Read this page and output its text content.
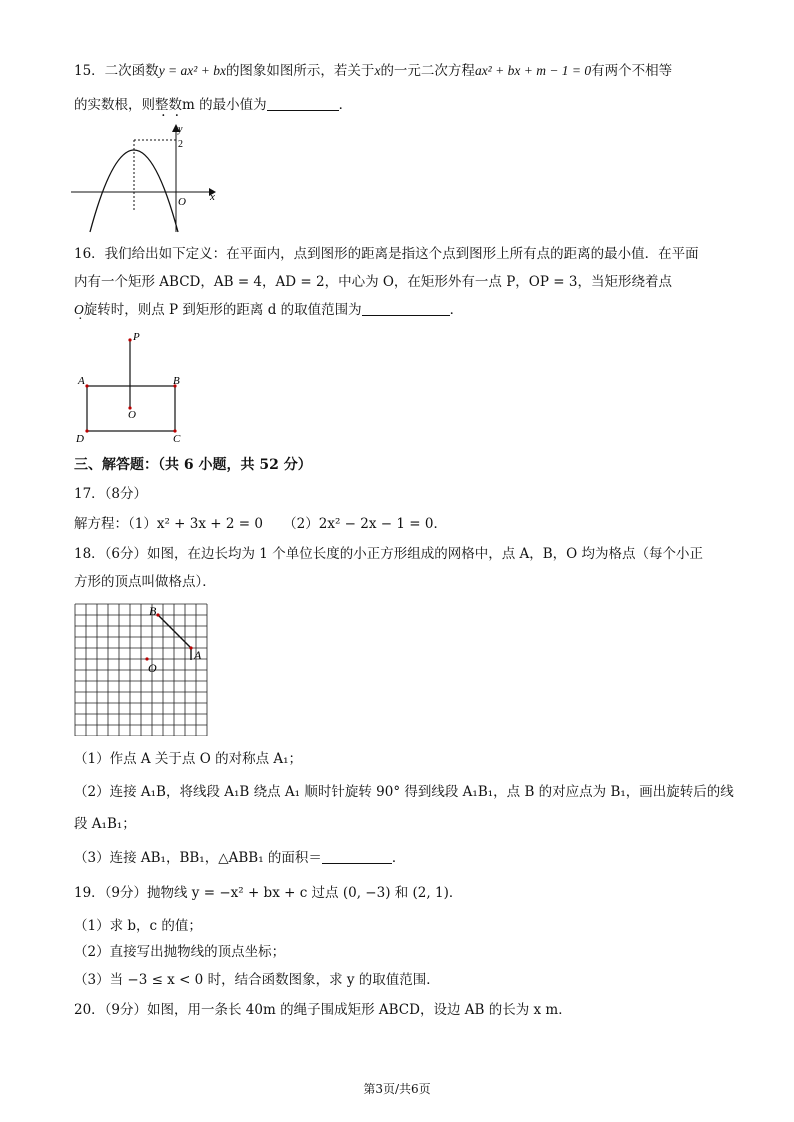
15．二次函数y = ax² + bx的图象如图所示，若关于x的一元二次方程ax² + bx + m − 1 = 0有两个不相等
的实数根，则整数m 的最小值为	．
y
x
O
2
16．我们给出如下定义：在平面内，点到图形的距离是指这个点到图形上所有点的距离的最小值．在平面
内有一个矩形 ABCD，AB = 4，AD = 2，中心为 O，在矩形外有一点 P，OP = 3，当矩形绕着点
O ·旋转时，则点 P 到矩形的距离 d 的取值范围为	．
P
A	B
O
D	C
三、解答题：（共 6 小题，共 52 分）
17．（8分）
解方程：（1）x² + 3x + 2 = 0　　（2）2x² − 2x − 1 = 0．
18．（6分）如图，在边长均为 1 个单位长度的小正方形组成的网格中，点 A，B，O 均为格点（每个小正
方形的顶点叫做格点）．
B
A
O
（1）作点 A 关于点 O 的对称点 A₁；
（2）连接 A₁B，将线段 A₁B 绕点 A₁ 顺时针旋转 90° 得到线段 A₁B₁，点 B 的对应点为 B₁，画出旋转后的线
段 A₁B₁；
（3）连接 AB₁，BB₁，△ABB₁ 的面积＝	．
19．（9分）抛物线 y = −x² + bx + c 过点 (0, −3) 和 (2, 1)．
（1）求 b，c 的值；
（2）直接写出抛物线的顶点坐标；
（3）当 −3 ≤ x < 0 时，结合函数图象，求 y 的取值范围．
20．（9分）如图，用一条长 40m 的绳子围成矩形 ABCD，设边 AB 的长为 x m．
第3页/共6页
